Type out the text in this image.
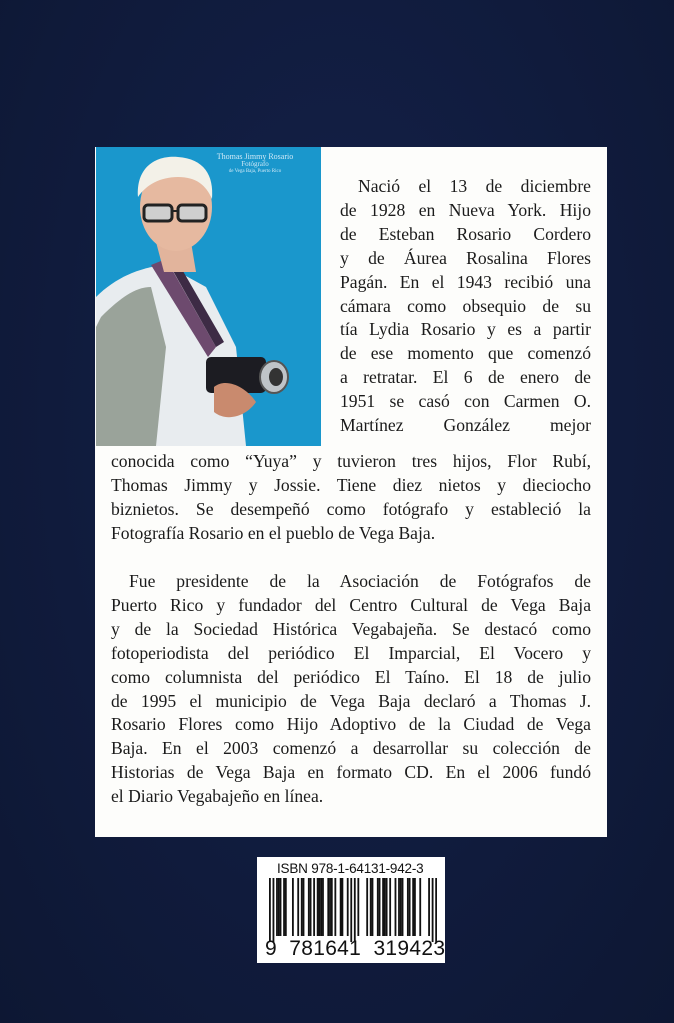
Thomas Jimmy Rosario
Fotógrafo
de Vega Baja, Puerto Rico
Nació el 13 de diciembre
de 1928 en Nueva York. Hijo
de Esteban Rosario Cordero
y de Áurea Rosalina Flores
Pagán. En el 1943 recibió una
cámara como obsequio de su
tía Lydia Rosario y es a partir
de ese momento que comenzó
a retratar. El 6 de enero de
1951 se casó con Carmen O.
Martínez González mejor
conocida como “Yuya” y tuvieron tres hijos, Flor Rubí,
Thomas Jimmy y Jossie. Tiene diez nietos y dieciocho
biznietos. Se desempeñó como fotógrafo y estableció la
Fotografía Rosario en el pueblo de Vega Baja.
Fue presidente de la Asociación de Fotógrafos de
Puerto Rico y fundador del Centro Cultural de Vega Baja
y de la Sociedad Histórica Vegabajeña. Se destacó como
fotoperiodista del periódico El Imparcial, El Vocero y
como columnista del periódico El Taíno. El 18 de julio
de 1995 el municipio de Vega Baja declaró a Thomas J.
Rosario Flores como Hijo Adoptivo de la Ciudad de Vega
Baja. En el 2003 comenzó a desarrollar su colección de
Historias de Vega Baja en formato CD. En el 2006 fundó
el Diario Vegabajeño en línea.
ISBN 978-1-64131-942-3
9 781641 319423
